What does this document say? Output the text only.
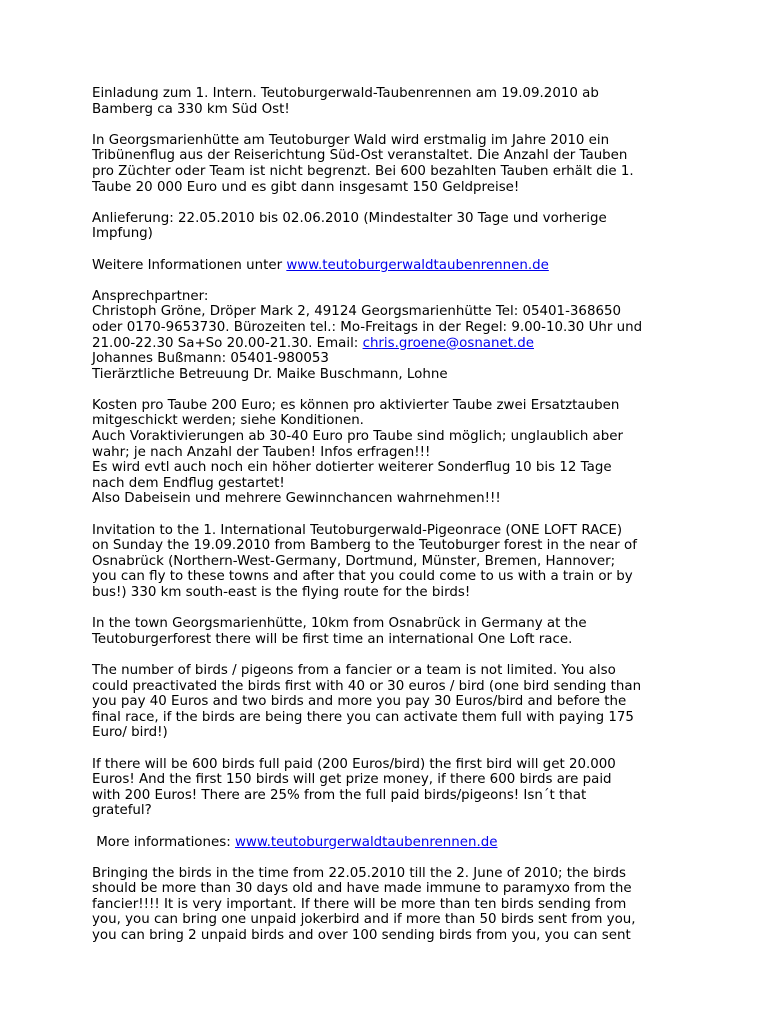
Einladung zum 1. Intern. Teutoburgerwald-Taubenrennen am 19.09.2010 ab
Bamberg ca 330 km Süd Ost!

In Georgsmarienhütte am Teutoburger Wald wird erstmalig im Jahre 2010 ein
Tribünenflug aus der Reiserichtung Süd-Ost veranstaltet. Die Anzahl der Tauben
pro Züchter oder Team ist nicht begrenzt. Bei 600 bezahlten Tauben erhält die 1.
Taube 20 000 Euro und es gibt dann insgesamt 150 Geldpreise!

Anlieferung: 22.05.2010 bis 02.06.2010 (Mindestalter 30 Tage und vorherige
Impfung)

Weitere Informationen unter www.teutoburgerwaldtaubenrennen.de

Ansprechpartner:
Christoph Gröne, Dröper Mark 2, 49124 Georgsmarienhütte Tel: 05401-368650
oder 0170-9653730. Bürozeiten tel.: Mo-Freitags in der Regel: 9.00-10.30 Uhr und
21.00-22.30 Sa+So 20.00-21.30. Email: chris.groene@osnanet.de
Johannes Bußmann: 05401-980053
Tierärztliche Betreuung Dr. Maike Buschmann, Lohne

Kosten pro Taube 200 Euro; es können pro aktivierter Taube zwei Ersatztauben
mitgeschickt werden; siehe Konditionen.
Auch Voraktivierungen ab 30-40 Euro pro Taube sind möglich; unglaublich aber
wahr; je nach Anzahl der Tauben! Infos erfragen!!!
Es wird evtl auch noch ein höher dotierter weiterer Sonderflug 10 bis 12 Tage
nach dem Endflug gestartet!
Also Dabeisein und mehrere Gewinnchancen wahrnehmen!!!

Invitation to the 1. International Teutoburgerwald-Pigeonrace (ONE LOFT RACE)
on Sunday the 19.09.2010 from Bamberg to the Teutoburger forest in the near of
Osnabrück (Northern-West-Germany, Dortmund, Münster, Bremen, Hannover;
you can fly to these towns and after that you could come to us with a train or by
bus!) 330 km south-east is the flying route for the birds!

In the town Georgsmarienhütte, 10km from Osnabrück in Germany at the
Teutoburgerforest there will be first time an international One Loft race.

The number of birds / pigeons from a fancier or a team is not limited. You also
could preactivated the birds first with 40 or 30 euros / bird (one bird sending than
you pay 40 Euros and two birds and more you pay 30 Euros/bird and before the
final race, if the birds are being there you can activate them full with paying 175
Euro/ bird!)

If there will be 600 birds full paid (200 Euros/bird) the first bird will get 20.000
Euros! And the first 150 birds will get prize money, if there 600 birds are paid
with 200 Euros! There are 25% from the full paid birds/pigeons! Isn´t that
grateful?

More informationes: www.teutoburgerwaldtaubenrennen.de

Bringing the birds in the time from 22.05.2010 till the 2. June of 2010; the birds
should be more than 30 days old and have made immune to paramyxo from the
fancier!!!! It is very important. If there will be more than ten birds sending from
you, you can bring one unpaid jokerbird and if more than 50 birds sent from you,
you can bring 2 unpaid birds and over 100 sending birds from you, you can sent
